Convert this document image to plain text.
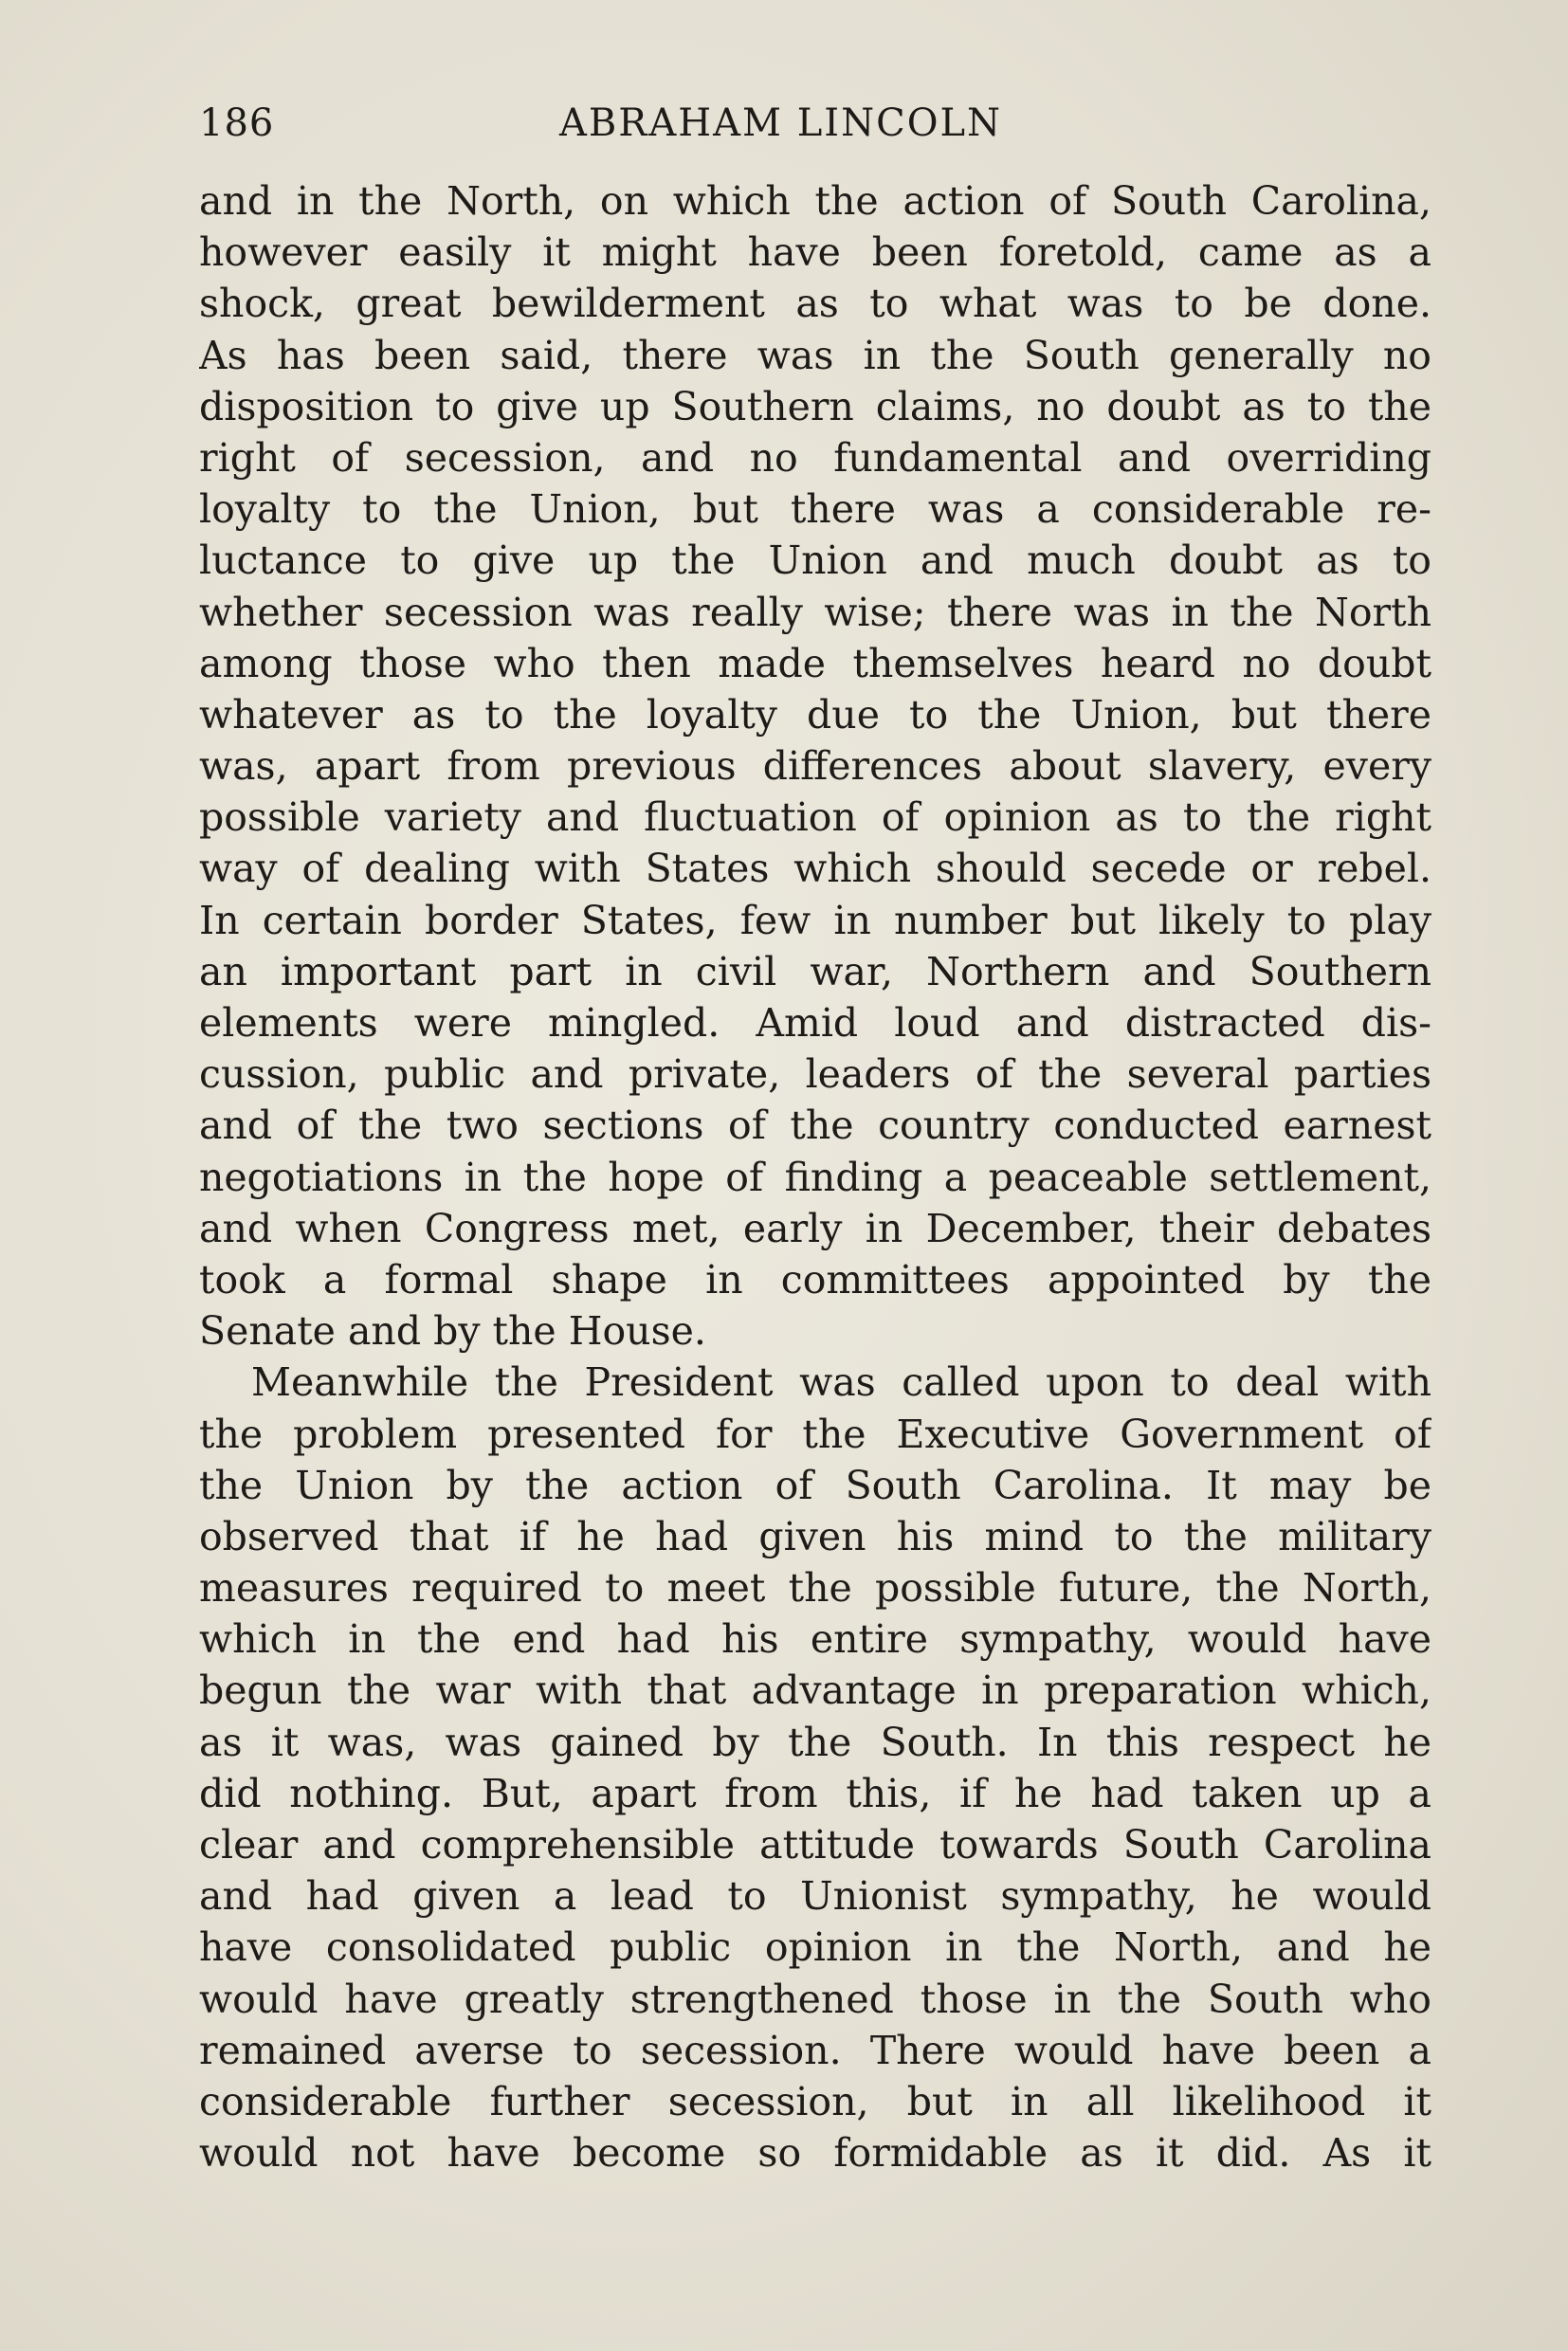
186	ABRAHAM LINCOLN
and in the North, on which the action of South Carolina,
however easily it might have been foretold, came as a
shock, great bewilderment as to what was to be done.
As has been said, there was in the South generally no
disposition to give up Southern claims, no doubt as to the
right of secession, and no fundamental and overriding
loyalty to the Union, but there was a considerable re-
luctance to give up the Union and much doubt as to
whether secession was really wise; there was in the North
among those who then made themselves heard no doubt
whatever as to the loyalty due to the Union, but there
was, apart from previous differences about slavery, every
possible variety and fluctuation of opinion as to the right
way of dealing with States which should secede or rebel.
In certain border States, few in number but likely to play
an important part in civil war, Northern and Southern
elements were mingled. Amid loud and distracted dis-
cussion, public and private, leaders of the several parties
and of the two sections of the country conducted earnest
negotiations in the hope of finding a peaceable settlement,
and when Congress met, early in December, their debates
took a formal shape in committees appointed by the
Senate and by the House.
Meanwhile the President was called upon to deal with
the problem presented for the Executive Government of
the Union by the action of South Carolina. It may be
observed that if he had given his mind to the military
measures required to meet the possible future, the North,
which in the end had his entire sympathy, would have
begun the war with that advantage in preparation which,
as it was, was gained by the South. In this respect he
did nothing. But, apart from this, if he had taken up a
clear and comprehensible attitude towards South Carolina
and had given a lead to Unionist sympathy, he would
have consolidated public opinion in the North, and he
would have greatly strengthened those in the South who
remained averse to secession. There would have been a
considerable further secession, but in all likelihood it
would not have become so formidable as it did. As it
